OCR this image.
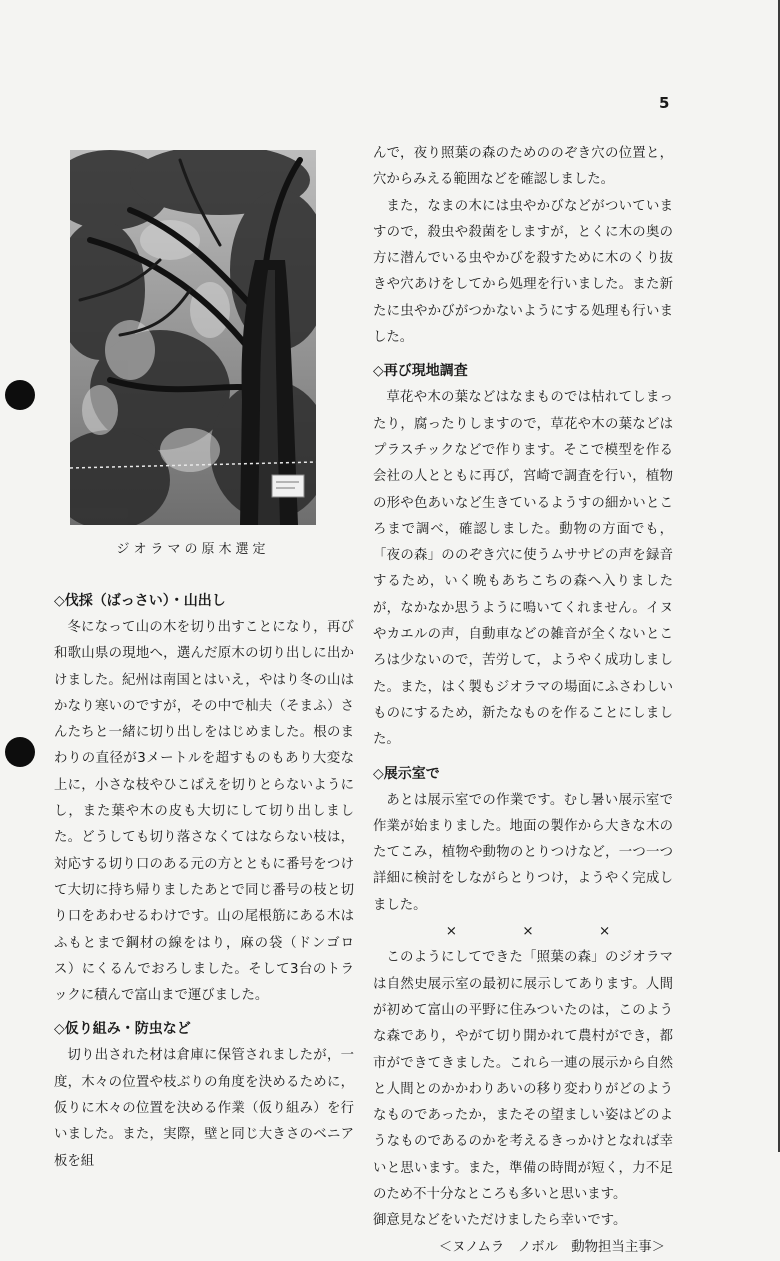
5
ジオラマの原木選定

んで，夜り照葉の森のためののぞき穴の位置と，穴からみえる範囲などを確認しました。

また，なまの木には虫やかびなどがついていますので，殺虫や殺菌をしますが，とくに木の奥の方に潜んでいる虫やかびを殺すために木のくり抜きや穴あけをしてから処理を行いました。また新たに虫やかびがつかないようにする処理も行いました。

◇再び現地調査

草花や木の葉などはなまものでは枯れてしまったり，腐ったりしますので，草花や木の葉などはプラスチックなどで作ります。そこで模型を作る会社の人とともに再び，宮崎で調査を行い，植物の形や色あいなど生きているようすの細かいところまで調べ，確認しました。動物の方面でも，「夜の森」ののぞき穴に使うムササビの声を録音するため，いく晩もあちこちの森へ入りましたが，なかなか思うように鳴いてくれません。イヌやカエルの声，自動車などの雑音が全くないところは少ないので，苦労して，ようやく成功しました。また，はく製もジオラマの場面にふさわしいものにするため，新たなものを作ることにしました。

◇展示室で

あとは展示室での作業です。むし暑い展示室で作業が始まりました。地面の製作から大きな木のたてこみ，植物や動物のとりつけなど，一つ一つ詳細に検討をしながらとりつけ，ようやく完成しました。

×	×	×

このようにしてできた「照葉の森」のジオラマは自然史展示室の最初に展示してあります。人間が初めて富山の平野に住みついたのは，このような森であり，やがて切り開かれて農村ができ，都市ができてきました。これら一連の展示から自然と人間とのかかわりあいの移り変わりがどのようなものであったか，またその望ましい姿はどのようなものであるのかを考えるきっかけとなれば幸いと思います。また，準備の時間が短く，力不足のため不十分なところも多いと思います。

御意見などをいただけましたら幸いです。

＜ヌノムラ　ノボル　動物担当主事＞
◇伐採（ばっさい）・山出し

冬になって山の木を切り出すことになり，再び和歌山県の現地へ，選んだ原木の切り出しに出かけました。紀州は南国とはいえ，やはり冬の山はかなり寒いのですが，その中で杣夫（そまふ）さんたちと一緒に切り出しをはじめました。根のまわりの直径が3メートルを超すものもあり大変な上に，小さな枝やひこばえを切りとらないようにし，また葉や木の皮も大切にして切り出しました。どうしても切り落さなくてはならない枝は，対応する切り口のある元の方とともに番号をつけて大切に持ち帰りましたあとで同じ番号の枝と切り口をあわせるわけです。山の尾根筋にある木はふもとまで鋼材の線をはり，麻の袋（ドンゴロス）にくるんでおろしました。そして3台のトラックに積んで富山まで運びました。

◇仮り組み・防虫など

切り出された材は倉庫に保管されましたが，一度，木々の位置や枝ぶりの角度を決めるために，仮りに木々の位置を決める作業（仮り組み）を行いました。また，実際，壁と同じ大きさのベニア板を組
